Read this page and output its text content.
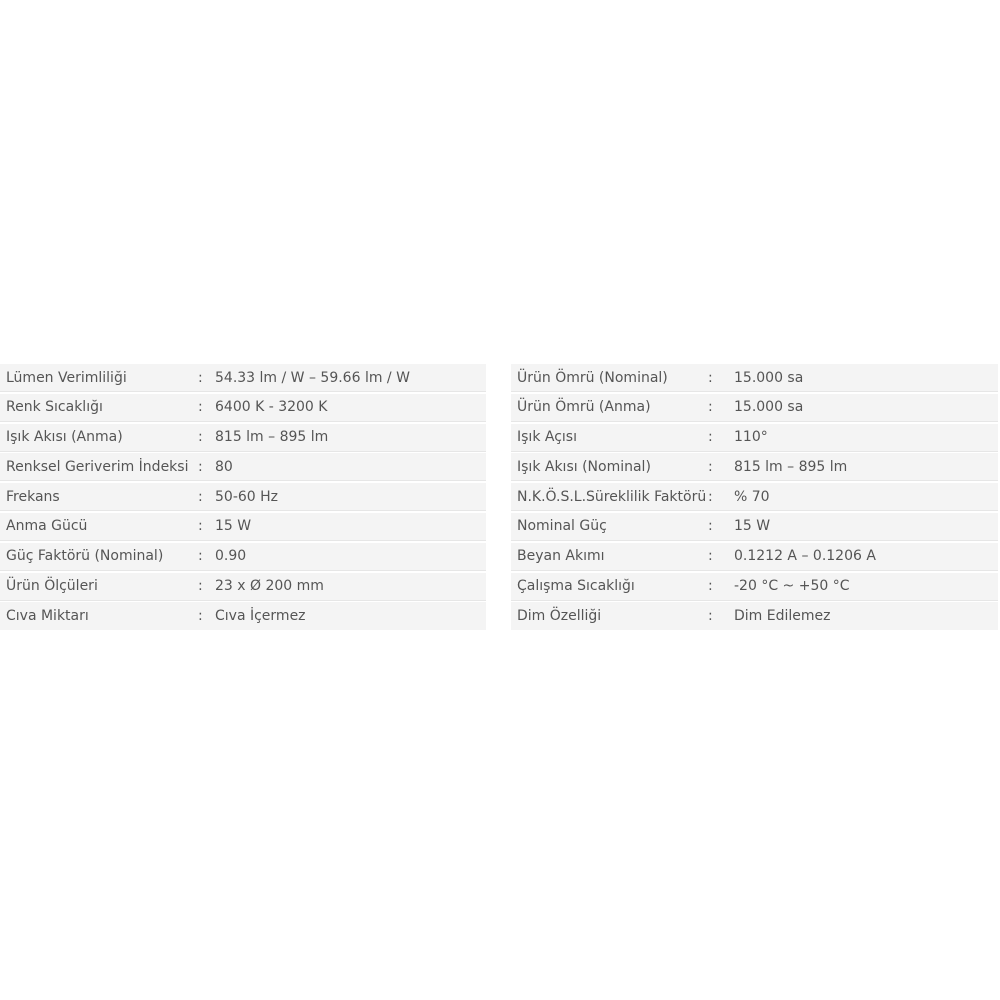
Lümen Verimliliği	: 54.33 lm / W – 59.66 lm / W
Renk Sıcaklığı	: 6400 K - 3200 K
Işık Akısı (Anma)	: 815 lm – 895 lm
Renksel Geriverim İndeksi : 80
Frekans	: 50-60 Hz
Anma Gücü	: 15 W
Güç Faktörü (Nominal)	: 0.90
Ürün Ölçüleri	: 23 x Ø 200 mm
Cıva Miktarı	: Cıva İçermez
Ürün Ömrü (Nominal)	:	15.000 sa
Ürün Ömrü (Anma)	:	15.000 sa
Işık Açısı	:	110°
Işık Akısı (Nominal)	:	815 lm – 895 lm
N.K.Ö.S.L.Süreklilik Faktörü :	% 70
Nominal Güç	:	15 W
Beyan Akımı	:	0.1212 A – 0.1206 A
Çalışma Sıcaklığı	:	-20 °C ~ +50 °C
Dim Özelliği	:	Dim Edilemez
